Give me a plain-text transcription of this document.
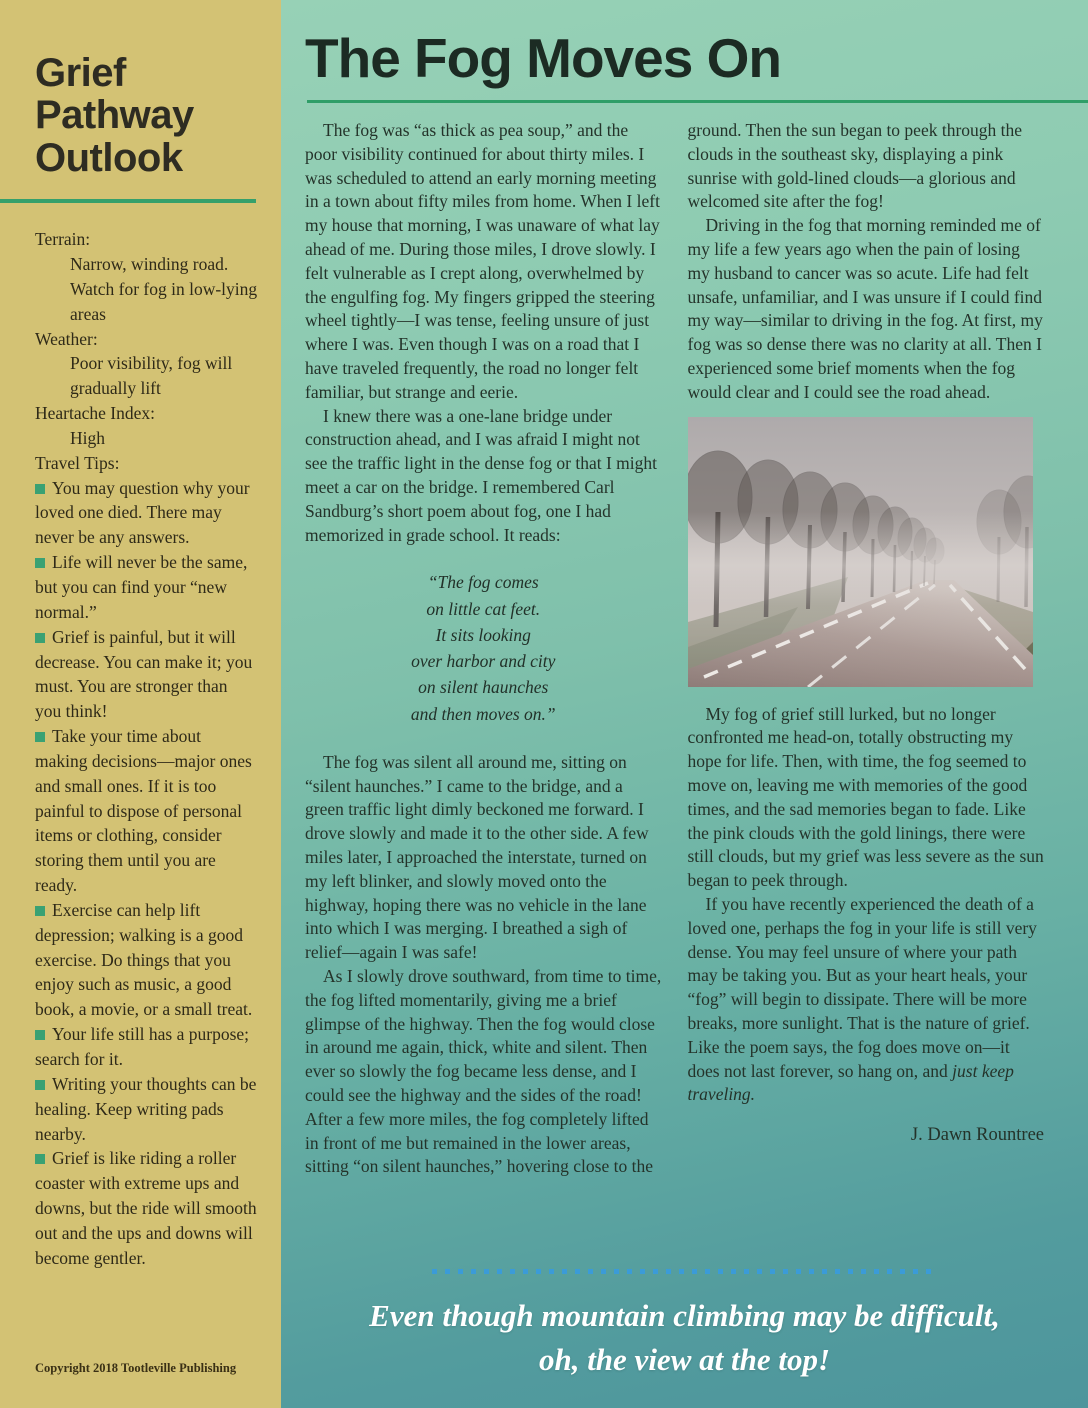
Grief Pathway Outlook

Terrain:

Narrow, winding road. Watch for fog in low-lying areas

Weather:

Poor visibility, fog will gradually lift

Heartache Index:

High

Travel Tips:

You may question why your loved one died. There may never be any answers.

Life will never be the same, but you can find your “new normal.”

Grief is painful, but it will decrease. You can make it; you must. You are stronger than you think!

Take your time about making decisions—major ones and small ones. If it is too painful to dispose of personal items or clothing, consider storing them until you are ready.

Exercise can help lift depression; walking is a good exercise. Do things that you enjoy such as music, a good book, a movie, or a small treat.

Your life still has a purpose; search for it.

Writing your thoughts can be healing. Keep writing pads nearby.

Grief is like riding a roller coaster with extreme ups and downs, but the ride will smooth out and the ups and downs will become gentler.

Copyright 2018 Tootleville Publishing

The Fog Moves On

The fog was “as thick as pea soup,” and the poor visibility continued for about thirty miles. I was scheduled to attend an early morning meeting in a town about fifty miles from home. When I left my house that morning, I was unaware of what lay ahead of me. During those miles, I drove slowly. I felt vulnerable as I crept along, overwhelmed by the engulfing fog. My fingers gripped the steering wheel tightly—I was tense, feeling unsure of just where I was. Even though I was on a road that I have traveled frequently, the road no longer felt familiar, but strange and eerie.

I knew there was a one-lane bridge under construction ahead, and I was afraid I might not see the traffic light in the dense fog or that I might meet a car on the bridge. I remembered Carl Sandburg’s short poem about fog, one I had memorized in grade school. It reads:

“The fog comes
on little cat feet.
It sits looking
over harbor and city
on silent haunches
and then moves on.”

The fog was silent all around me, sitting on “silent haunches.” I came to the bridge, and a green traffic light dimly beckoned me forward. I drove slowly and made it to the other side. A few miles later, I approached the interstate, turned on my left blinker, and slowly moved onto the highway, hoping there was no vehicle in the lane into which I was merging. I breathed a sigh of relief—again I was safe!

As I slowly drove southward, from time to time, the fog lifted momentarily, giving me a brief glimpse of the highway. Then the fog would close in around me again, thick, white and silent. Then ever so slowly the fog became less dense, and I could see the highway and the sides of the road! After a few more miles, the fog completely lifted in front of me but remained in the lower areas, sitting “on silent haunches,” hovering close to the

ground. Then the sun began to peek through the clouds in the southeast sky, displaying a pink sunrise with gold-lined clouds—a glorious and welcomed site after the fog!

Driving in the fog that morning reminded me of my life a few years ago when the pain of losing my husband to cancer was so acute. Life had felt unsafe, unfamiliar, and I was unsure if I could find my way—similar to driving in the fog. At first, my fog was so dense there was no clarity at all. Then I experienced some brief moments when the fog would clear and I could see the road ahead.

My fog of grief still lurked, but no longer confronted me head-on, totally obstructing my hope for life. Then, with time, the fog seemed to move on, leaving me with memories of the good times, and the sad memories began to fade. Like the pink clouds with the gold linings, there were still clouds, but my grief was less severe as the sun began to peek through.

If you have recently experienced the death of a loved one, perhaps the fog in your life is still very dense. You may feel unsure of where your path may be taking you. But as your heart heals, your “fog” will begin to dissipate. There will be more breaks, more sunlight. That is the nature of grief. Like the poem says, the fog does move on—it does not last forever, so hang on, and just keep traveling.

J. Dawn Rountree

Even though mountain climbing may be difficult,
oh, the view at the top!
